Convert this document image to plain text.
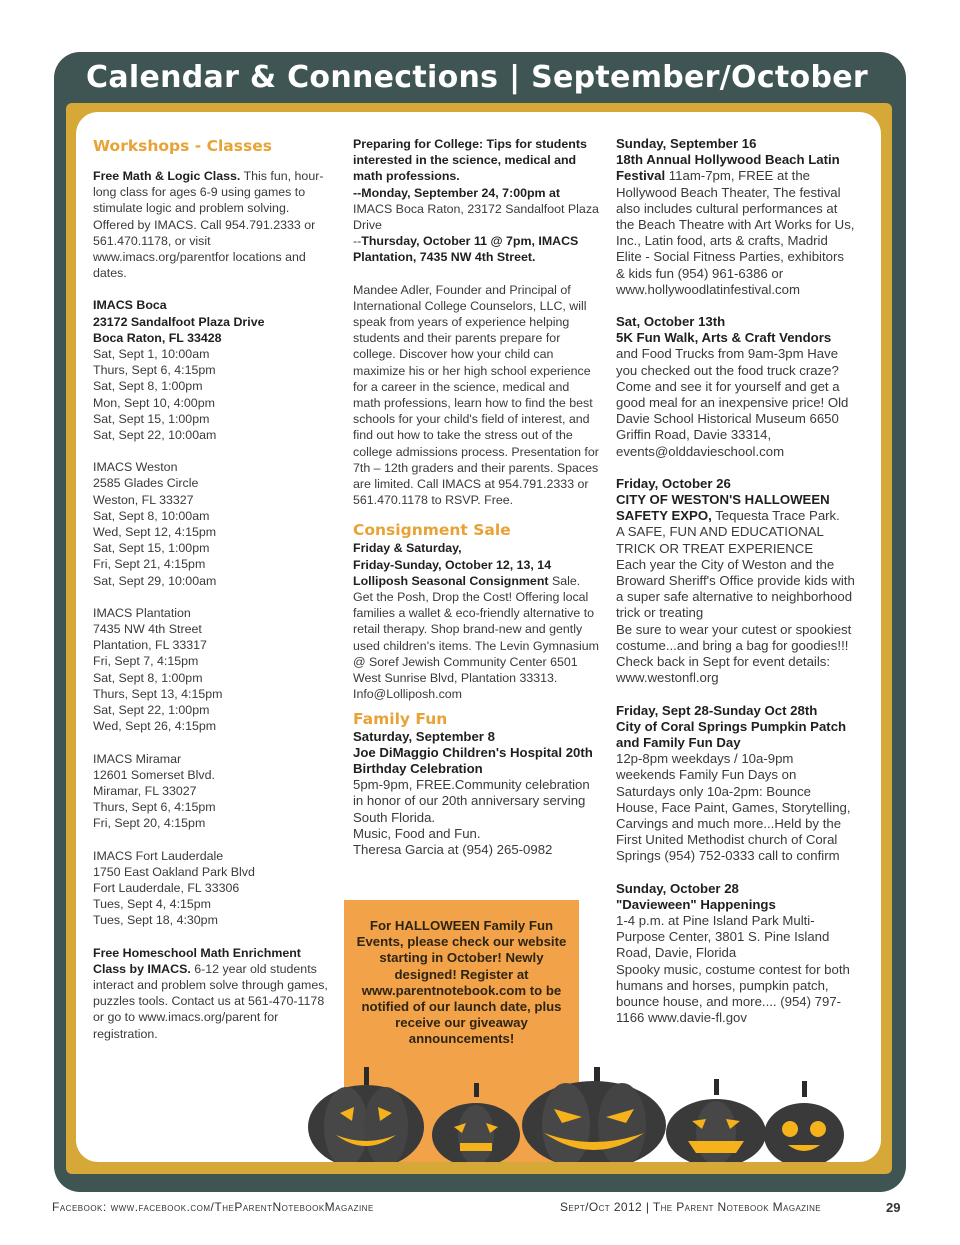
Calendar & Connections | September/October

Workshops - Classes

Free Math & Logic Class. This fun, hour-long class for ages 6-9 using games to stimulate logic and problem solving. Offered by IMACS. Call 954.791.2333 or 561.470.1178, or visit www.imacs.org/parentfor locations and dates.

IMACS Boca

23172 Sandalfoot Plaza Drive

Boca Raton, FL 33428

Sat, Sept 1, 10:00am

Thurs, Sept 6, 4:15pm

Sat, Sept 8, 1:00pm

Mon, Sept 10, 4:00pm

Sat, Sept 15, 1:00pm

Sat, Sept 22, 10:00am

IMACS Weston

2585 Glades Circle

Weston, FL 33327

Sat, Sept 8, 10:00am

Wed, Sept 12, 4:15pm

Sat, Sept 15, 1:00pm

Fri, Sept 21, 4:15pm

Sat, Sept 29, 10:00am

IMACS Plantation

7435 NW 4th Street

Plantation, FL 33317

Fri, Sept 7, 4:15pm

Sat, Sept 8, 1:00pm

Thurs, Sept 13, 4:15pm

Sat, Sept 22, 1:00pm

Wed, Sept 26, 4:15pm

IMACS Miramar

12601 Somerset Blvd.

Miramar, FL 33027

Thurs, Sept 6, 4:15pm

Fri, Sept 20, 4:15pm

IMACS Fort Lauderdale

1750 East Oakland Park Blvd

Fort Lauderdale, FL 33306

Tues, Sept 4, 4:15pm

Tues, Sept 18, 4:30pm

Free Homeschool Math Enrichment Class by IMACS. 6-12 year old students interact and problem solve through games, puzzles tools. Contact us at 561-470-1178 or go to www.imacs.org/parent for registration.

Preparing for College: Tips for students interested in the science, medical and math professions.

--Monday, September 24, 7:00pm at

IMACS Boca Raton, 23172 Sandalfoot Plaza Drive

--Thursday, October 11 @ 7pm, IMACS Plantation, 7435 NW 4th Street.

Mandee Adler, Founder and Principal of International College Counselors, LLC, will speak from years of experience helping students and their parents prepare for college. Discover how your child can maximize his or her high school experience for a career in the science, medical and math professions, learn how to find the best schools for your child's field of interest, and find out how to take the stress out of the college admissions process. Presentation for 7th – 12th graders and their parents. Spaces are limited. Call IMACS at 954.791.2333 or 561.470.1178 to RSVP. Free.

Consignment Sale

Friday & Saturday,

Friday-Sunday, October 12, 13, 14

Lolliposh Seasonal Consignment Sale.

Get the Posh, Drop the Cost! Offering local families a wallet & eco-friendly alternative to retail therapy. Shop brand-new and gently used children's items. The Levin Gymnasium @ Soref Jewish Community Center 6501 West Sunrise Blvd, Plantation 33313. Info@Lolliposh.com

Family Fun

Saturday, September 8

Joe DiMaggio Children's Hospital 20th Birthday Celebration

5pm-9pm, FREE.Community celebration in honor of our 20th anniversary serving South Florida.

Music, Food and Fun.

Theresa Garcia at (954) 265-0982

For HALLOWEEN Family Fun Events, please check our website starting in October! Newly designed! Register at www.parentnotebook.com to be notified of our launch date, plus receive our giveaway announcements!

Sunday, September 16

18th Annual Hollywood Beach Latin Festival 11am-7pm, FREE at the Hollywood Beach Theater, The festival also includes cultural performances at the Beach Theatre with Art Works for Us, Inc., Latin food, arts & crafts, Madrid Elite - Social Fitness Parties, exhibitors & kids fun (954) 961-6386 or www.hollywoodlatinfestival.com

Sat, October 13th

5K Fun Walk, Arts & Craft Vendors

and Food Trucks from 9am-3pm Have you checked out the food truck craze? Come and see it for yourself and get a good meal for an inexpensive price! Old Davie School Historical Museum 6650 Griffin Road, Davie 33314, events@olddavieschool.com

Friday, October 26

CITY OF WESTON'S HALLOWEEN SAFETY EXPO, Tequesta Trace Park.

A SAFE, FUN AND EDUCATIONAL TRICK OR TREAT EXPERIENCE

Each year the City of Weston and the Broward Sheriff's Office provide kids with a super safe alternative to neighborhood trick or treating

Be sure to wear your cutest or spookiest costume...and bring a bag for goodies!!! Check back in Sept for event details: www.westonfl.org

Friday, Sept 28-Sunday Oct 28th

City of Coral Springs Pumpkin Patch and Family Fun Day

12p-8pm weekdays / 10a-9pm weekends Family Fun Days on Saturdays only 10a-2pm: Bounce House, Face Paint, Games, Storytelling, Carvings and much more...Held by the First United Methodist church of Coral Springs (954) 752-0333 call to confirm

Sunday, October 28

"Davieween" Happenings

1-4 p.m. at Pine Island Park Multi-Purpose Center, 3801 S. Pine Island Road, Davie, Florida

Spooky music, costume contest for both humans and horses, pumpkin patch, bounce house, and more.... (954) 797-1166 www.davie-fl.gov

Facebook: www.facebook.com/TheParentNotebookMagazine	Sept/Oct 2012 | The Parent Notebook Magazine	29
